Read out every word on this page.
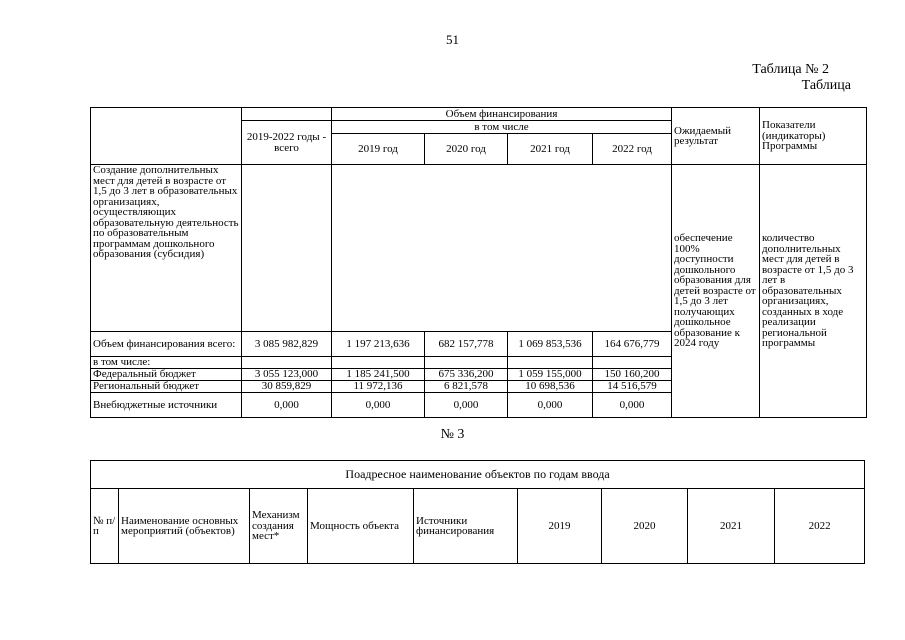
51
Таблица № 2
Таблица
		Объем финансирования				Ожидаемый результат	Показатели (индикаторы) Программы
	2019-2022 годы - всего	в том числе					
		2019 год	2020 год	2021 год	2022 год		
Создание дополнительных мест для детей в возрасте от 1,5 до 3 лет в образовательных организациях, осуществляющих образовательную деятельность по образовательным программам дошкольного образования (субсидия)						обеспечение 100% доступности дошкольного образования для детей возрасте от 1,5 до 3 лет получающих дошкольное образование к 2024 году	количество дополнительных мест для детей в возрасте от 1,5 до 3 лет в образовательных организациях, созданных в ходе реализации региональной программы
Объем финансирования всего:	3 085 982,829	1 197 213,636	682 157,778	1 069 853,536	164 676,779		
в том числе:							
Федеральный бюджет	3 055 123,000	1 185 241,500	675 336,200	1 059 155,000	150 160,200		
Региональный бюджет	30 859,829	11 972,136	6 821,578	10 698,536	14 516,579		
Внебюджетные источники	0,000	0,000	0,000	0,000	0,000		
№ 3
Поадресное наименование объектов по годам ввода
№ п/п	Наименование основных мероприятий (объектов)	Механизм создания мест*	Мощность объекта	Источники финансирования	2019	2020	2021	2022
